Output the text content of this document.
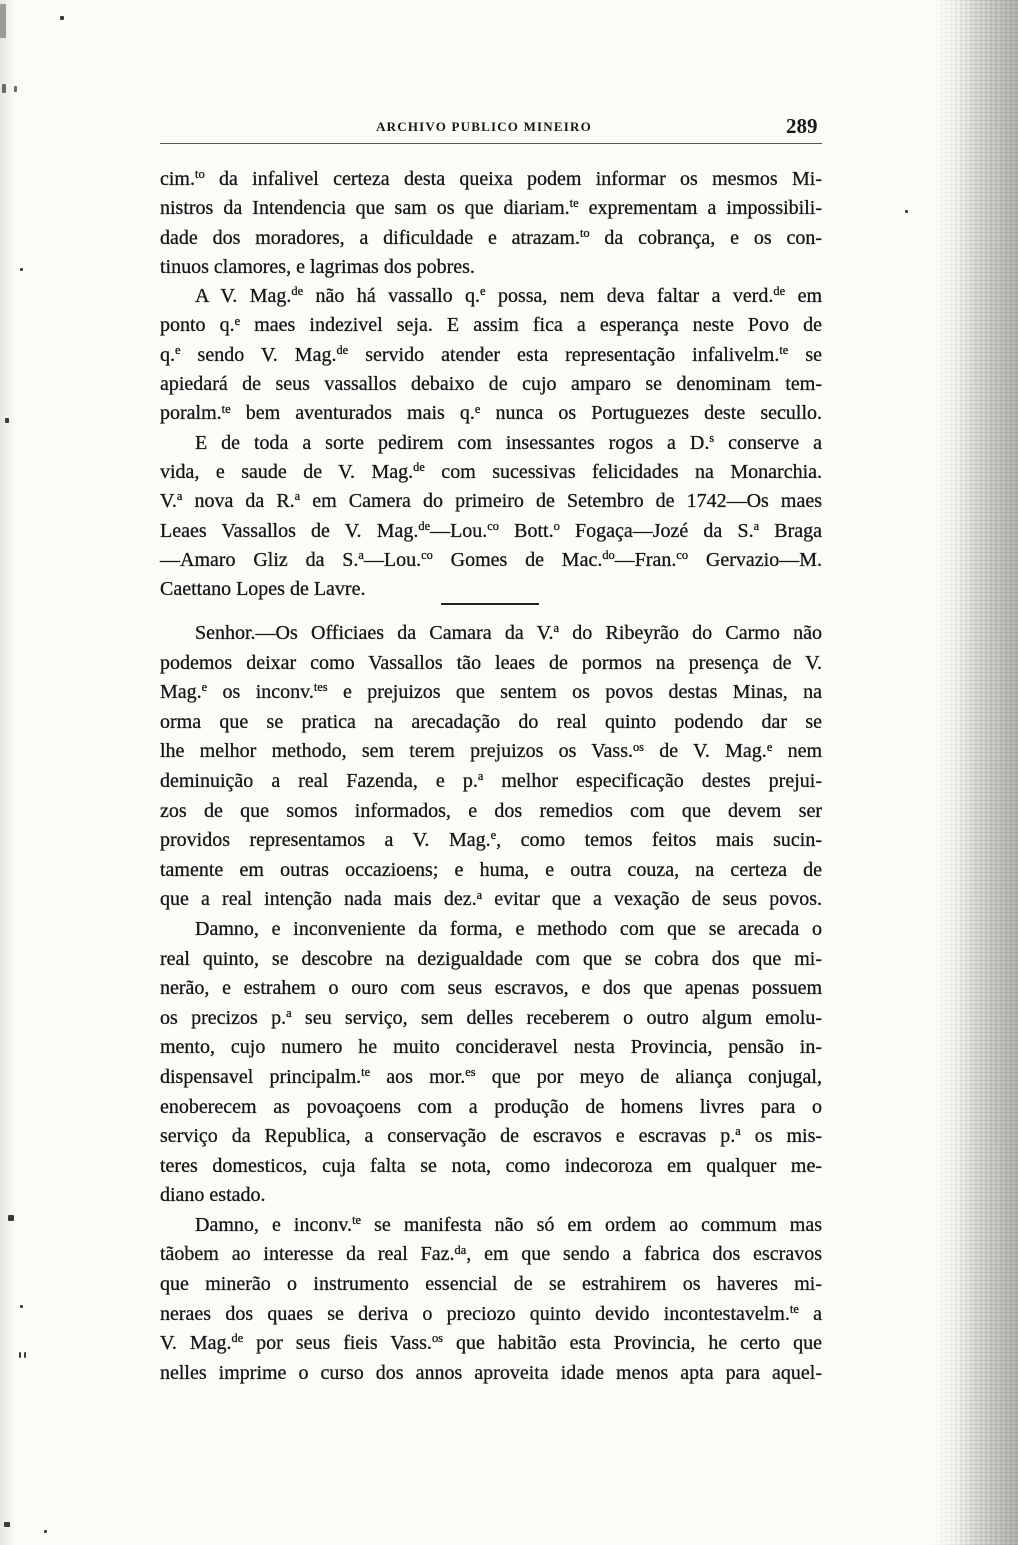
ARCHIVO PUBLICO MINEIRO	289
cim.$^{to}$ da infalivel certeza desta queixa podem informar os mesmos Mi-
nistros da Intendencia que sam os que diariam.$^{te}$ exprementam a impossibili-
dade dos moradores, a dificuldade e atrazam.$^{to}$ da cobrança, e os con-
tinuos clamores, e lagrimas dos pobres.
A V. Mag.$^{de}$ não há vassallo q.$^e$ possa, nem deva faltar a verd.$^{de}$ em
ponto q.$^e$ maes indezivel seja. E assim fica a esperança neste Povo de
q.$^e$ sendo V. Mag.$^{de}$ servido atender esta representação infalivelm.$^{te}$ se
apiedará de seus vassallos debaixo de cujo amparo se denominam tem-
poralm.$^{te}$ bem aventurados mais q.$^e$ nunca os Portuguezes deste secullo.
E de toda a sorte pedirem com insessantes rogos a D.$^s$ conserve a
vida, e saude de V. Mag.$^{de}$ com sucessivas felicidades na Monarchia.
V.$^a$ nova da R.$^a$ em Camera do primeiro de Setembro de 1742—Os maes
Leaes Vassallos de V. Mag.$^{de}$—Lou.$^{co}$ Bott.$^o$ Fogaça—Jozé da S.$^a$ Braga
—Amaro Gliz da S.$^a$—Lou.$^{co}$ Gomes de Mac.$^{do}$—Fran.$^{co}$ Gervazio—M.
Caettano Lopes de Lavre.
Senhor.—Os Officiaes da Camara da V.$^a$ do Ribeyrão do Carmo não
podemos deixar como Vassallos tão leaes de pormos na presença de V.
Mag.$^e$ os inconv.$^{tes}$ e prejuizos que sentem os povos destas Minas, na
orma que se pratica na arecadação do real quinto podendo dar se
lhe melhor methodo, sem terem prejuizos os Vass.$^{os}$ de V. Mag.$^e$ nem
deminuição a real Fazenda, e p.$^a$ melhor especificação destes prejui-
zos de que somos informados, e dos remedios com que devem ser
providos representamos a V. Mag.$^e$, como temos feitos mais sucin-
tamente em outras occazioens; e huma, e outra couza, na certeza de
que a real intenção nada mais dez.$^a$ evitar que a vexação de seus povos.
Damno, e inconveniente da forma, e methodo com que se arecada o
real quinto, se descobre na dezigualdade com que se cobra dos que mi-
nerão, e estrahem o ouro com seus escravos, e dos que apenas possuem
os precizos p.$^a$ seu serviço, sem delles receberem o outro algum emolu-
mento, cujo numero he muito concideravel nesta Provincia, pensão in-
dispensavel principalm.$^{te}$ aos mor.$^{es}$ que por meyo de aliança conjugal,
enoberecem as povoaçoens com a produção de homens livres para o
serviço da Republica, a conservação de escravos e escravas p.$^a$ os mis-
teres domesticos, cuja falta se nota, como indecoroza em qualquer me-
diano estado.
Damno, e inconv.$^{te}$ se manifesta não só em ordem ao commum mas
tãobem ao interesse da real Faz.$^{da}$, em que sendo a fabrica dos escravos
que minerão o instrumento essencial de se estrahirem os haveres mi-
neraes dos quaes se deriva o preciozo quinto devido incontestavelm.$^{te}$ a
V. Mag.$^{de}$ por seus fieis Vass.$^{os}$ que habitão esta Provincia, he certo que
nelles imprime o curso dos annos aproveita idade menos apta para aquel-
